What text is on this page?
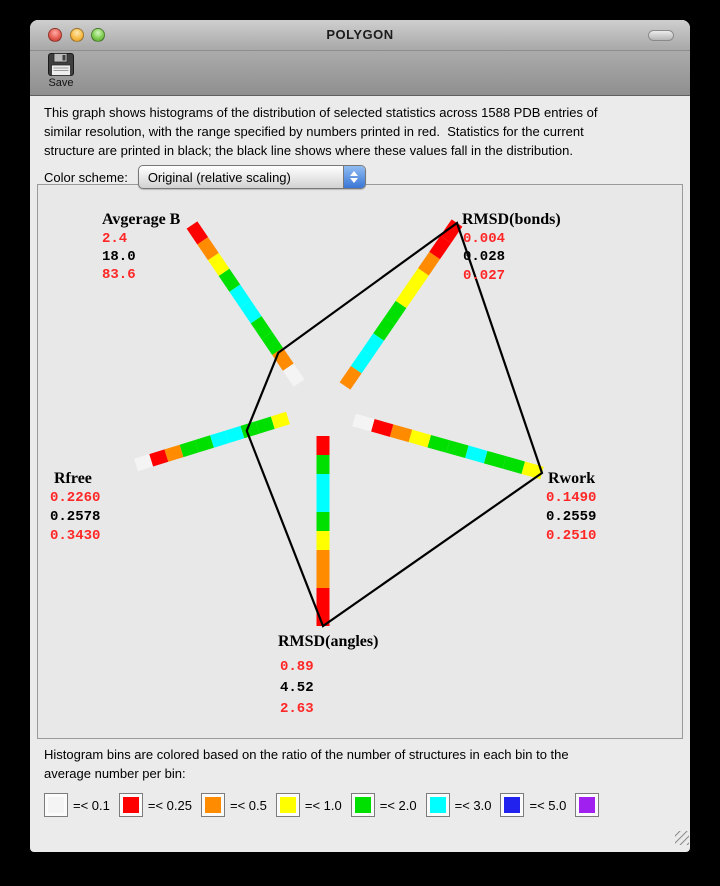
POLYGON
Save
This graph shows histograms of the distribution of selected statistics across 1588 PDB entries of
similar resolution, with the range specified by numbers printed in red.  Statistics for the current
structure are printed in black; the black line shows where these values fall in the distribution.
Color scheme:	Original (relative scaling)
Avgerage B
2.4
18.0
83.6
RMSD(bonds)
0.004
0.028
0.027
Rwork
0.1490
0.2559
0.2510
RMSD(angles)
0.89
4.52
2.63
Rfree
0.2260
0.2578
0.3430
Histogram bins are colored based on the ratio of the number of structures in each bin to the
average number per bin:
=< 0.1	=< 0.25	=< 0.5	=< 1.0	=< 2.0	=< 3.0	=< 5.0
